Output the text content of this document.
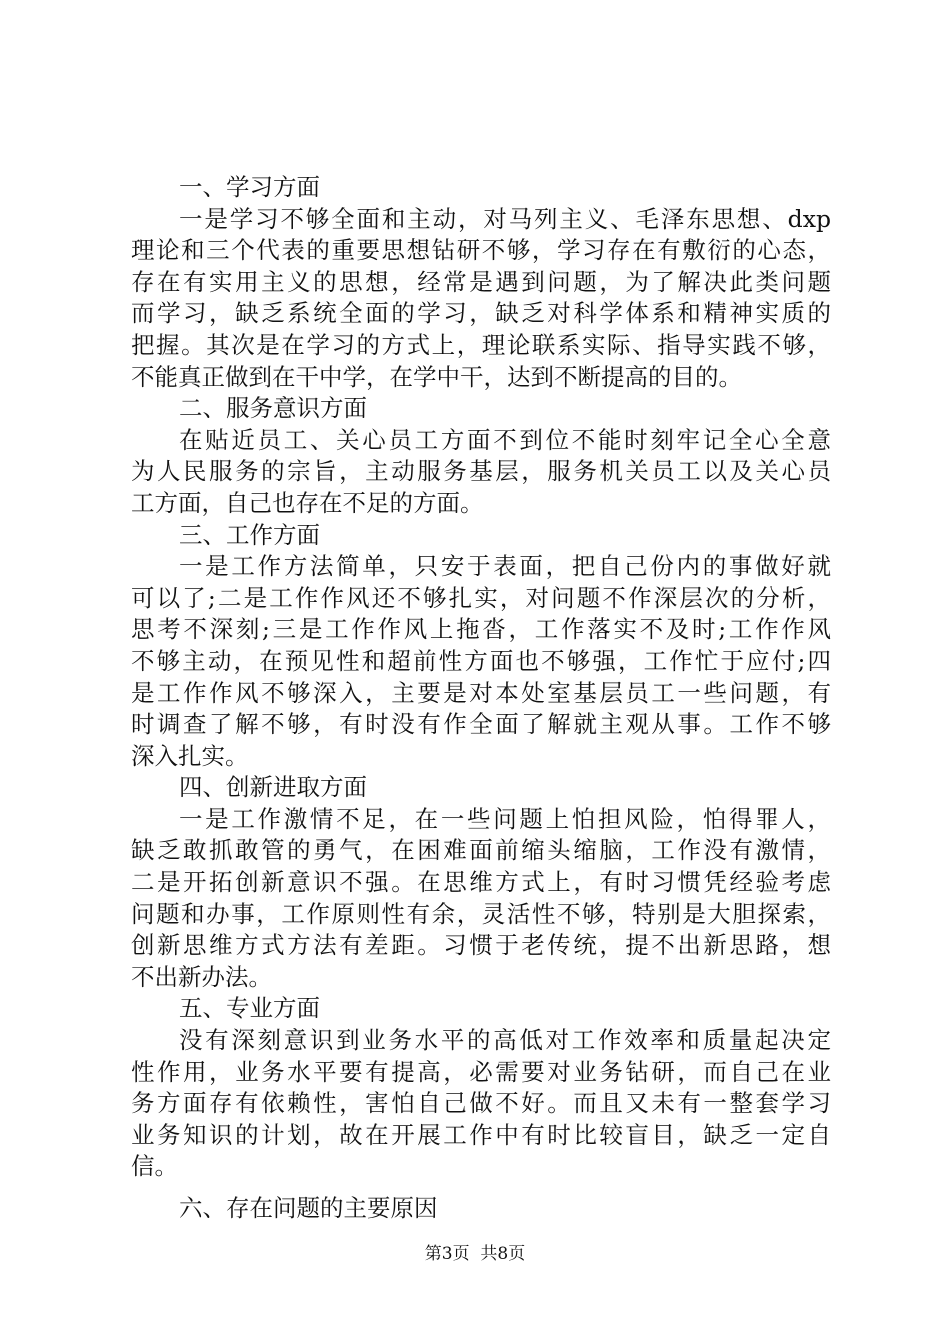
一、学习方面
一是学习不够全面和主动，对马列主义、毛泽东思想、dxp
理论和三个代表的重要思想钻研不够，学习存在有敷衍的心态，
存在有实用主义的思想，经常是遇到问题，为了解决此类问题
而学习，缺乏系统全面的学习，缺乏对科学体系和精神实质的
把握。其次是在学习的方式上，理论联系实际、指导实践不够，
不能真正做到在干中学，在学中干，达到不断提高的目的。
二、服务意识方面
在贴近员工、关心员工方面不到位不能时刻牢记全心全意
为人民服务的宗旨，主动服务基层，服务机关员工以及关心员
工方面，自己也存在不足的方面。
三、工作方面
一是工作方法简单，只安于表面，把自己份内的事做好就
可以了;二是工作作风还不够扎实，对问题不作深层次的分析，
思考不深刻;三是工作作风上拖沓，工作落实不及时;工作作风
不够主动，在预见性和超前性方面也不够强，工作忙于应付;四
是工作作风不够深入，主要是对本处室基层员工一些问题，有
时调查了解不够，有时没有作全面了解就主观从事。工作不够
深入扎实。
四、创新进取方面
一是工作激情不足，在一些问题上怕担风险，怕得罪人，
缺乏敢抓敢管的勇气，在困难面前缩头缩脑，工作没有激情，
二是开拓创新意识不强。在思维方式上，有时习惯凭经验考虑
问题和办事，工作原则性有余，灵活性不够，特别是大胆探索，
创新思维方式方法有差距。习惯于老传统，提不出新思路，想
不出新办法。
五、专业方面
没有深刻意识到业务水平的高低对工作效率和质量起决定
性作用，业务水平要有提高，必需要对业务钻研，而自己在业
务方面存有依赖性，害怕自己做不好。而且又未有一整套学习
业务知识的计划，故在开展工作中有时比较盲目，缺乏一定自
信。
六、存在问题的主要原因
第3页  共8页
